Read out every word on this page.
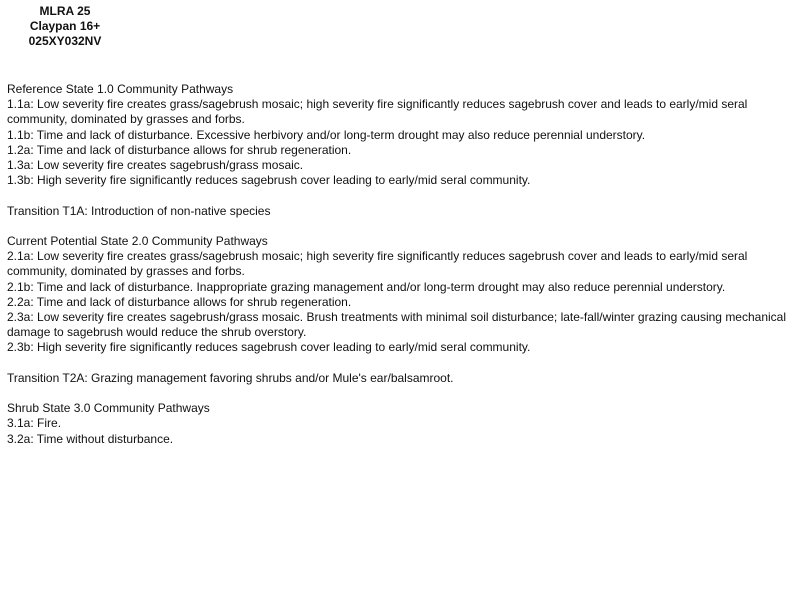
MLRA 25
Claypan 16+
025XY032NV

Reference State 1.0 Community Pathways

1.1a: Low severity fire creates grass/sagebrush mosaic; high severity fire significantly reduces sagebrush cover and leads to early/mid seral community, dominated by grasses and forbs.

1.1b: Time and lack of disturbance. Excessive herbivory and/or long-term drought may also reduce perennial understory.

1.2a: Time and lack of disturbance allows for shrub regeneration.

1.3a: Low severity fire creates sagebrush/grass mosaic.

1.3b: High severity fire significantly reduces sagebrush cover leading to early/mid seral community.

Transition T1A: Introduction of non-native species

Current Potential State 2.0 Community Pathways

2.1a: Low severity fire creates grass/sagebrush mosaic; high severity fire significantly reduces sagebrush cover and leads to early/mid seral community, dominated by grasses and forbs.

2.1b: Time and lack of disturbance. Inappropriate grazing management and/or long-term drought may also reduce perennial understory.

2.2a: Time and lack of disturbance allows for shrub regeneration.

2.3a: Low severity fire creates sagebrush/grass mosaic. Brush treatments with minimal soil disturbance; late-fall/winter grazing causing mechanical damage to sagebrush would reduce the shrub overstory.

2.3b: High severity fire significantly reduces sagebrush cover leading to early/mid seral community.

Transition T2A: Grazing management favoring shrubs and/or Mule's ear/balsamroot.

Shrub State 3.0 Community Pathways

3.1a: Fire.

3.2a: Time without disturbance.
